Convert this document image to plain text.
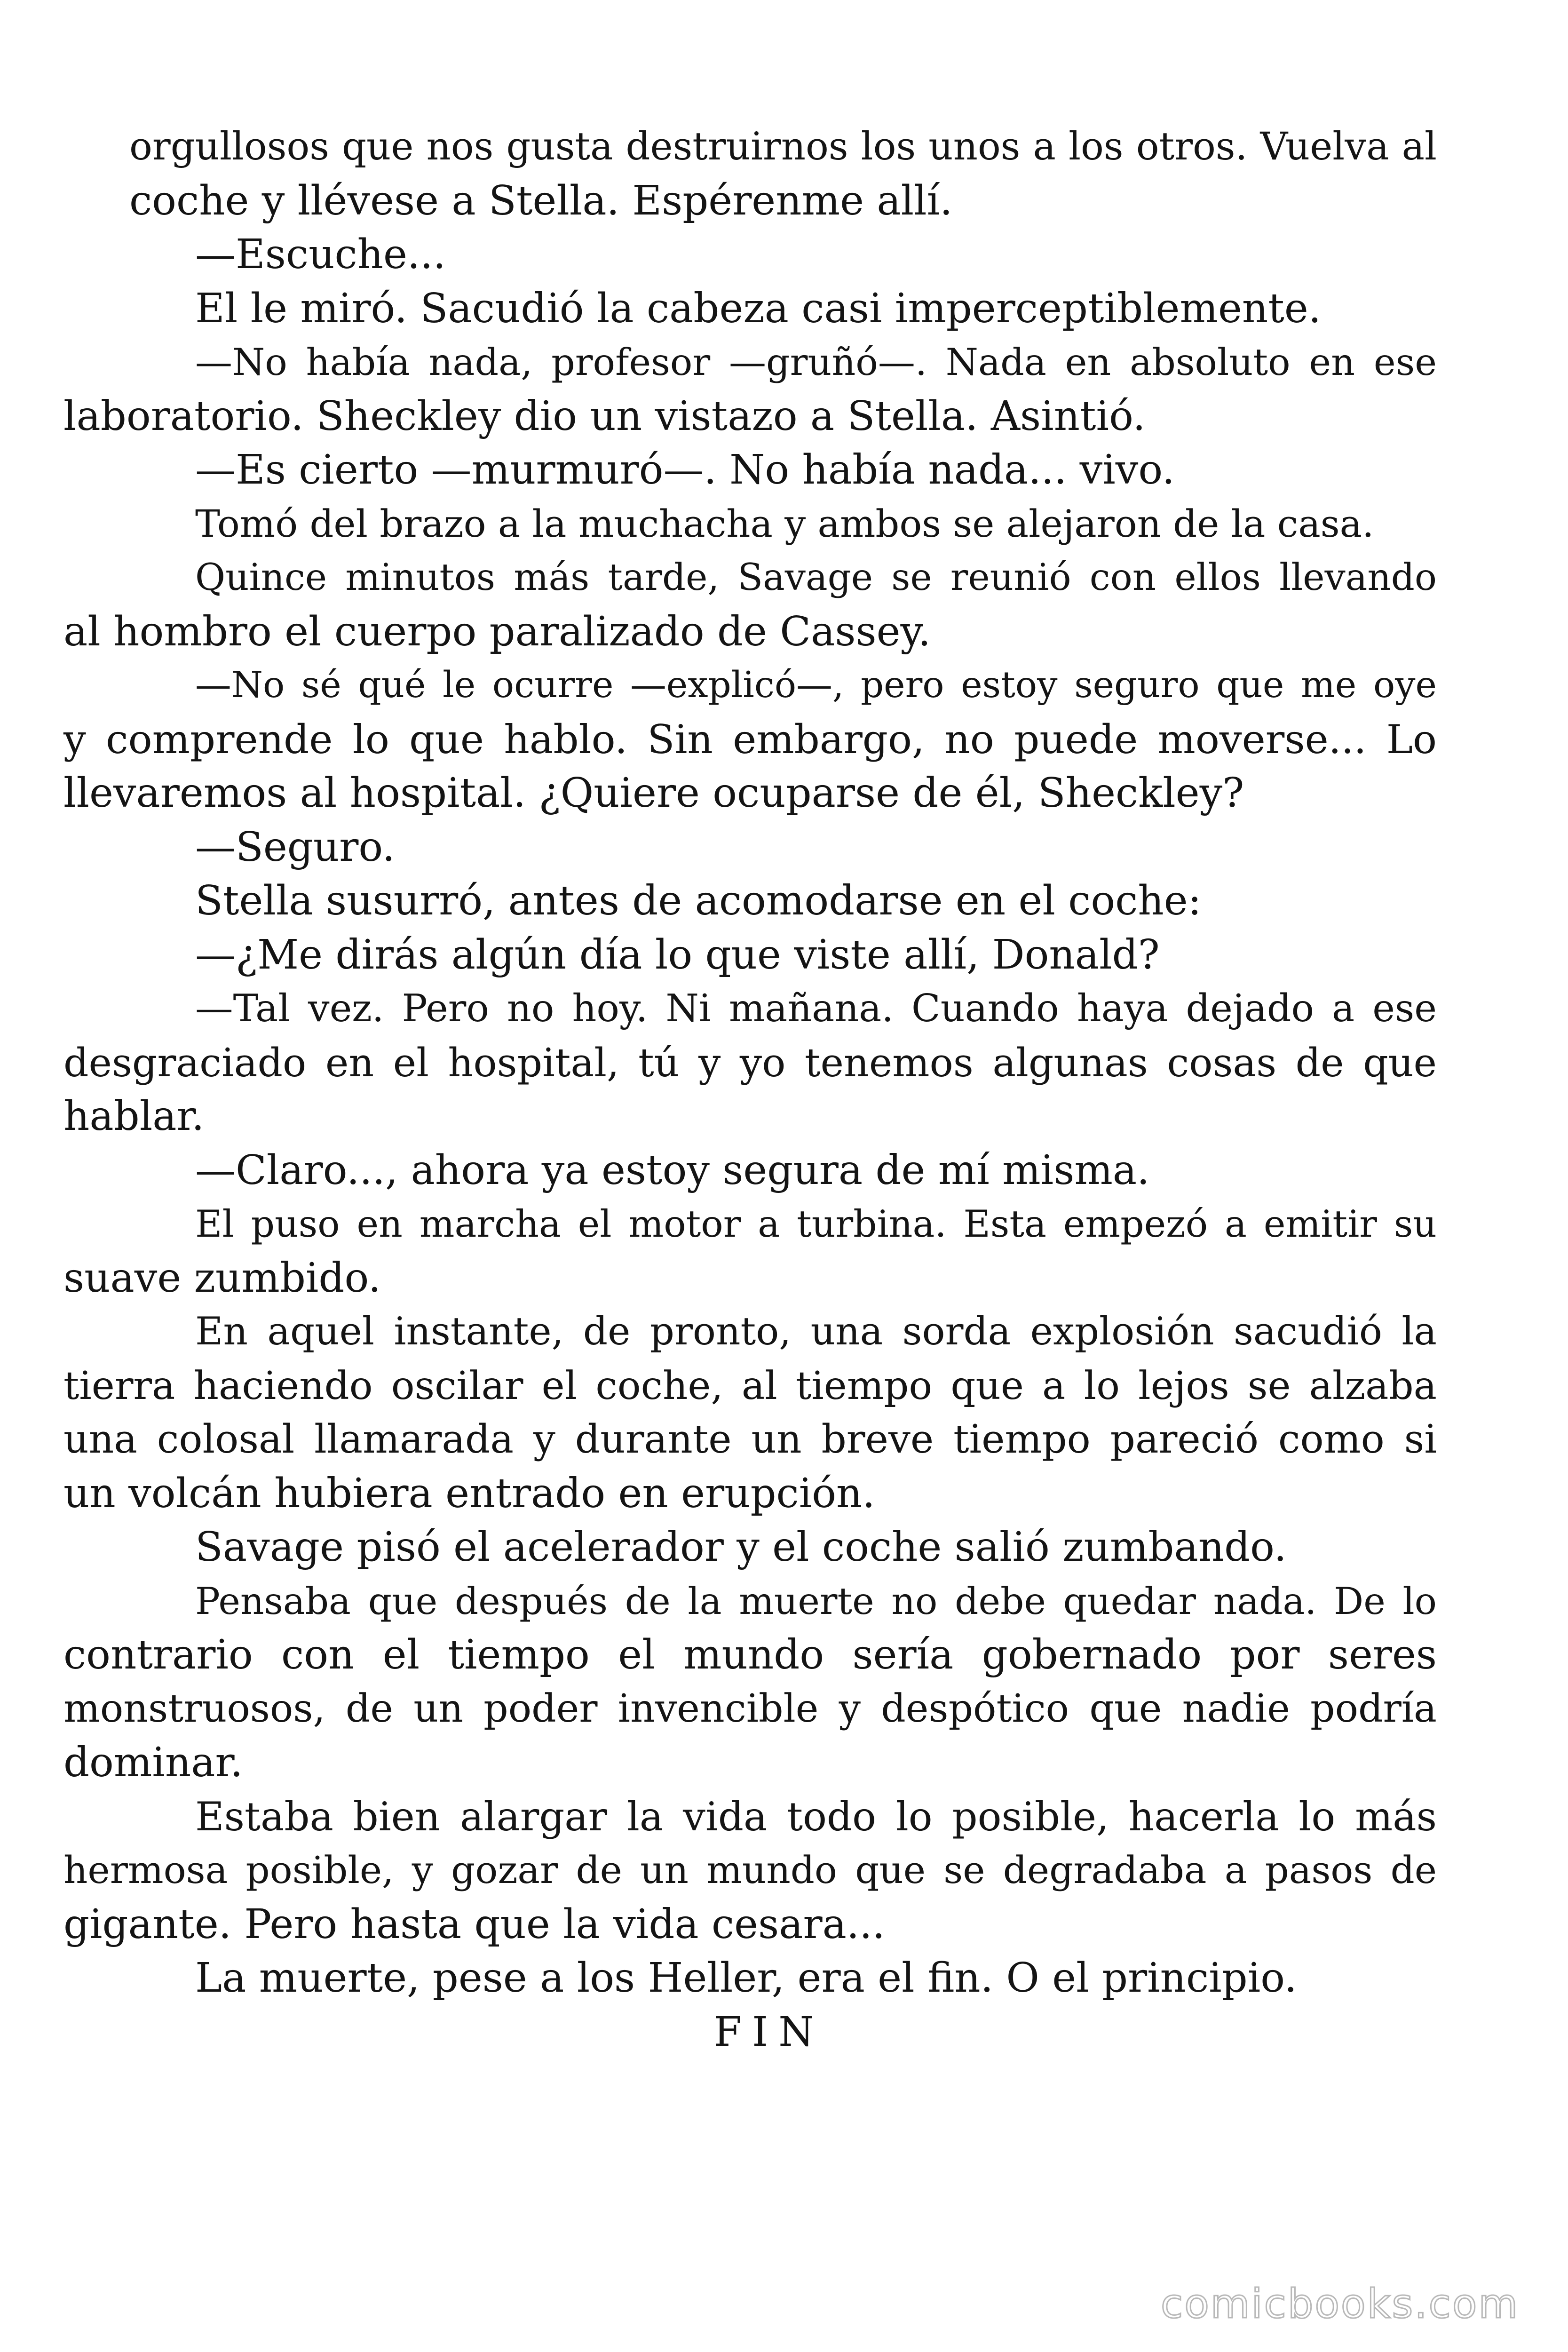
orgullosos que nos gusta destruirnos los unos a los otros. Vuelva al
coche y llévese a Stella. Espérenme allí.

—Escuche...

El le miró. Sacudió la cabeza casi imperceptiblemente.

—No había nada, profesor —gruñó—. Nada en absoluto en ese
laboratorio. Sheckley dio un vistazo a Stella. Asintió.

—Es cierto —murmuró—. No había nada... vivo.

Tomó del brazo a la muchacha y ambos se alejaron de la casa.

Quince minutos más tarde, Savage se reunió con ellos llevando
al hombro el cuerpo paralizado de Cassey.

—No sé qué le ocurre —explicó—, pero estoy seguro que me oye
y comprende lo que hablo. Sin embargo, no puede moverse... Lo
llevaremos al hospital. ¿Quiere ocuparse de él, Sheckley?

—Seguro.

Stella susurró, antes de acomodarse en el coche:

—¿Me dirás algún día lo que viste allí, Donald?

—Tal vez. Pero no hoy. Ni mañana. Cuando haya dejado a ese
desgraciado en el hospital, tú y yo tenemos algunas cosas de que
hablar.

—Claro..., ahora ya estoy segura de mí misma.

El puso en marcha el motor a turbina. Esta empezó a emitir su
suave zumbido.

En aquel instante, de pronto, una sorda explosión sacudió la
tierra haciendo oscilar el coche, al tiempo que a lo lejos se alzaba
una colosal llamarada y durante un breve tiempo pareció como si
un volcán hubiera entrado en erupción.

Savage pisó el acelerador y el coche salió zumbando.

Pensaba que después de la muerte no debe quedar nada. De lo
contrario con el tiempo el mundo sería gobernado por seres
monstruosos, de un poder invencible y despótico que nadie podría
dominar.

Estaba bien alargar la vida todo lo posible, hacerla lo más
hermosa posible, y gozar de un mundo que se degradaba a pasos de
gigante. Pero hasta que la vida cesara...

La muerte, pese a los Heller, era el fin. O el principio.

FIN

comicbooks.com
